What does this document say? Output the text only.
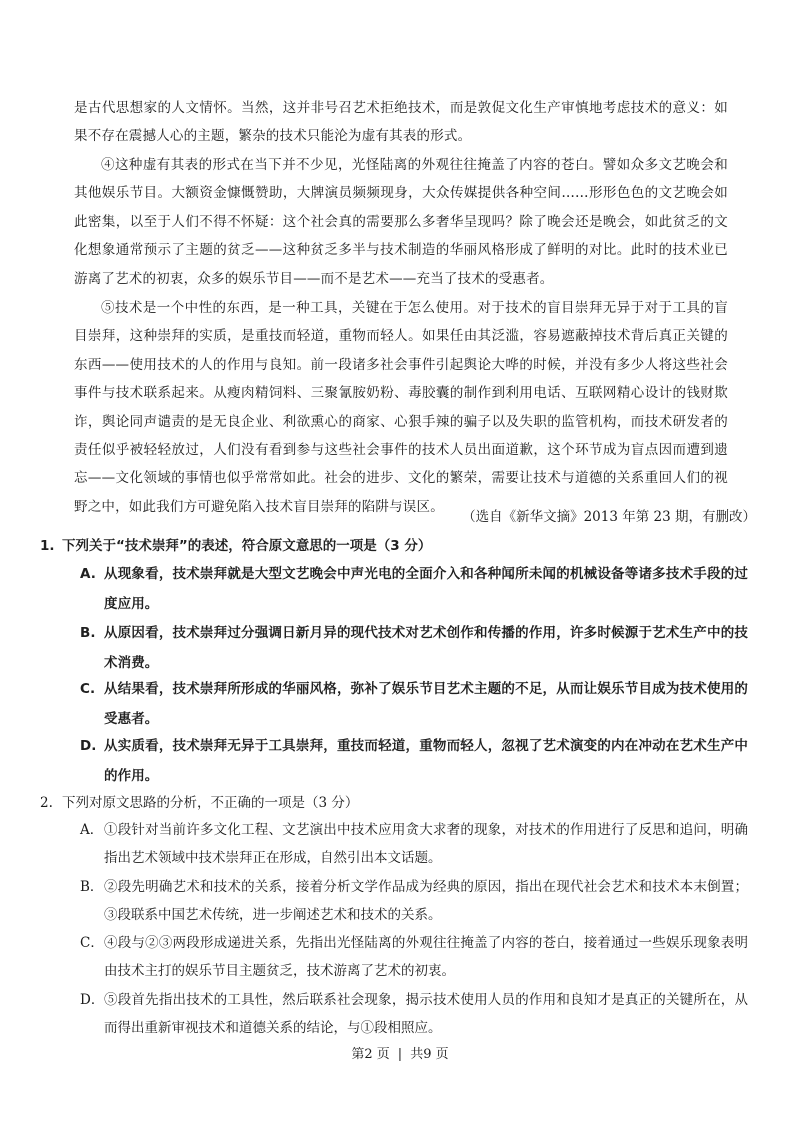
是古代思想家的人文情怀。当然，这并非号召艺术拒绝技术，而是敦促文化生产审慎地考虑技术的意义：如果不存在震撼人心的主题，繁杂的技术只能沦为虚有其表的形式。

④这种虚有其表的形式在当下并不少见，光怪陆离的外观往往掩盖了内容的苍白。譬如众多文艺晚会和其他娱乐节目。大额资金慷慨赞助，大牌演员频频现身，大众传媒提供各种空间……形形色色的文艺晚会如此密集，以至于人们不得不怀疑：这个社会真的需要那么多奢华呈现吗？除了晚会还是晚会，如此贫乏的文化想象通常预示了主题的贫乏——这种贫乏多半与技术制造的华丽风格形成了鲜明的对比。此时的技术业已游离了艺术的初衷，众多的娱乐节目——而不是艺术——充当了技术的受惠者。

⑤技术是一个中性的东西，是一种工具，关键在于怎么使用。对于技术的盲目崇拜无异于对于工具的盲目崇拜，这种崇拜的实质，是重技而轻道，重物而轻人。如果任由其泛滥，容易遮蔽掉技术背后真正关键的东西——使用技术的人的作用与良知。前一段诸多社会事件引起舆论大哗的时候，并没有多少人将这些社会事件与技术联系起来。从瘦肉精饲料、三聚氰胺奶粉、毒胶囊的制作到利用电话、互联网精心设计的钱财欺诈，舆论同声谴责的是无良企业、利欲熏心的商家、心狠手辣的骗子以及失职的监管机构，而技术研发者的责任似乎被轻轻放过，人们没有看到参与这些社会事件的技术人员出面道歉，这个环节成为盲点因而遭到遗忘——文化领域的事情也似乎常常如此。社会的进步、文化的繁荣，需要让技术与道德的关系重回人们的视野之中，如此我们方可避免陷入技术盲目崇拜的陷阱与误区。

（选自《新华文摘》2013 年第 23 期，有删改）

1. 下列关于“技术崇拜”的表述，符合原文意思的一项是（3 分）

A. 从现象看，技术崇拜就是大型文艺晚会中声光电的全面介入和各种闻所未闻的机械设备等诸多技术手段的过度应用。
B. 从原因看，技术崇拜过分强调日新月异的现代技术对艺术创作和传播的作用，许多时候源于艺术生产中的技术消费。
C. 从结果看，技术崇拜所形成的华丽风格，弥补了娱乐节目艺术主题的不足，从而让娱乐节目成为技术使用的受惠者。
D. 从实质看，技术崇拜无异于工具崇拜，重技而轻道，重物而轻人，忽视了艺术演变的内在冲动在艺术生产中的作用。

2. 下列对原文思路的分析，不正确的一项是（3 分）

A． ①段针对当前许多文化工程、文艺演出中技术应用贪大求奢的现象，对技术的作用进行了反思和追问，明确指出艺术领域中技术崇拜正在形成，自然引出本文话题。
B． ②段先明确艺术和技术的关系，接着分析文学作品成为经典的原因，指出在现代社会艺术和技术本末倒置；③段联系中国艺术传统，进一步阐述艺术和技术的关系。
C． ④段与②③两段形成递进关系，先指出光怪陆离的外观往往掩盖了内容的苍白，接着通过一些娱乐现象表明由技术主打的娱乐节目主题贫乏，技术游离了艺术的初衷。
D． ⑤段首先指出技术的工具性，然后联系社会现象，揭示技术使用人员的作用和良知才是真正的关键所在，从而得出重新审视技术和道德关系的结论，与①段相照应。
第2 页 | 共9 页
